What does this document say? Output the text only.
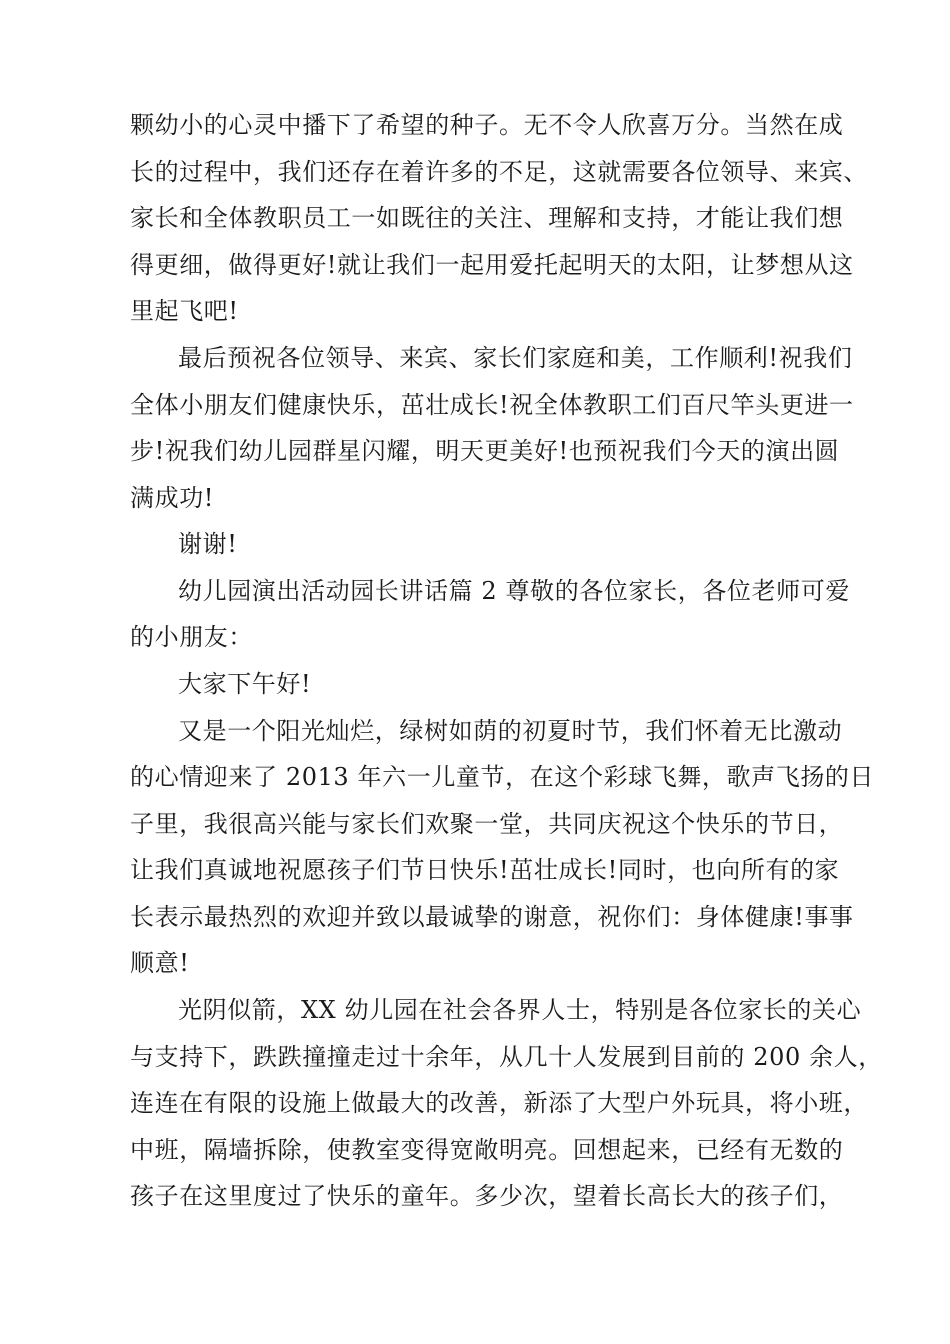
颗幼小的心灵中播下了希望的种子。无不令人欣喜万分。当然在成
长的过程中，我们还存在着许多的不足，这就需要各位领导、来宾、
家长和全体教职员工一如既往的关注、理解和支持，才能让我们想
得更细，做得更好!就让我们一起用爱托起明天的太阳，让梦想从这
里起飞吧!
最后预祝各位领导、来宾、家长们家庭和美，工作顺利!祝我们
全体小朋友们健康快乐，茁壮成长!祝全体教职工们百尺竿头更进一
步!祝我们幼儿园群星闪耀，明天更美好!也预祝我们今天的演出圆
满成功!
谢谢!
幼儿园演出活动园长讲话篇 2 尊敬的各位家长，各位老师可爱
的小朋友：
大家下午好!
又是一个阳光灿烂，绿树如荫的初夏时节，我们怀着无比激动
的心情迎来了 2013 年六一儿童节，在这个彩球飞舞，歌声飞扬的日
子里，我很高兴能与家长们欢聚一堂，共同庆祝这个快乐的节日，
让我们真诚地祝愿孩子们节日快乐!茁壮成长!同时，也向所有的家
长表示最热烈的欢迎并致以最诚挚的谢意，祝你们：身体健康!事事
顺意!
光阴似箭，XX 幼儿园在社会各界人士，特别是各位家长的关心
与支持下，跌跌撞撞走过十余年，从几十人发展到目前的 200 余人，
连连在有限的设施上做最大的改善，新添了大型户外玩具，将小班，
中班，隔墙拆除，使教室变得宽敞明亮。回想起来，已经有无数的
孩子在这里度过了快乐的童年。多少次，望着长高长大的孩子们，
